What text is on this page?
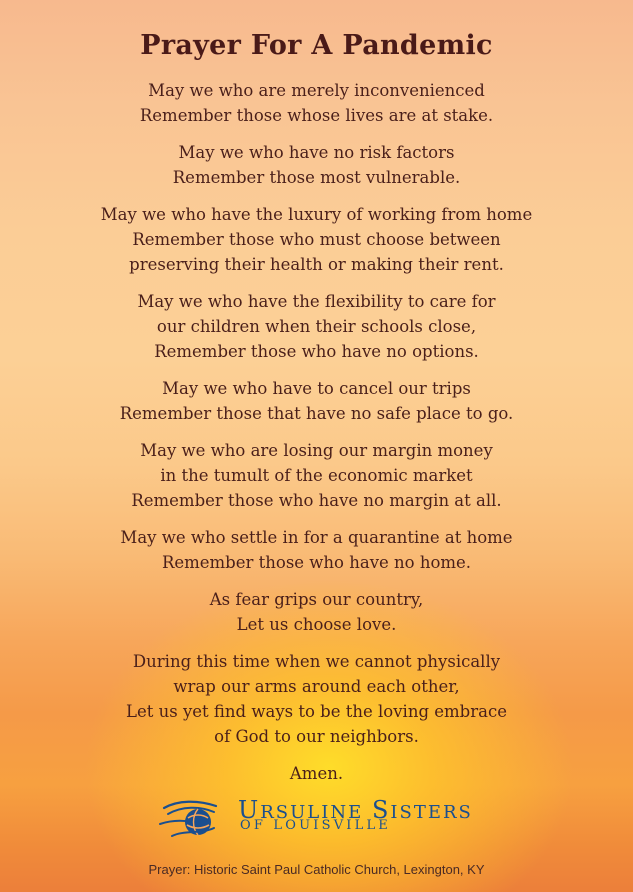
Prayer For A Pandemic

May we who are merely inconvenienced
Remember those whose lives are at stake.

May we who have no risk factors
Remember those most vulnerable.

May we who have the luxury of working from home
Remember those who must choose between
preserving their health or making their rent.

May we who have the flexibility to care for
our children when their schools close,
Remember those who have no options.

May we who have to cancel our trips
Remember those that have no safe place to go.

May we who are losing our margin money
in the tumult of the economic market
Remember those who have no margin at all.

May we who settle in for a quarantine at home
Remember those who have no home.

As fear grips our country,
Let us choose love.

During this time when we cannot physically
wrap our arms around each other,
Let us yet find ways to be the loving embrace
of God to our neighbors.

Amen.
URSULINE SISTERS
OF LOUISVILLE
Prayer: Historic Saint Paul Catholic Church, Lexington, KY
